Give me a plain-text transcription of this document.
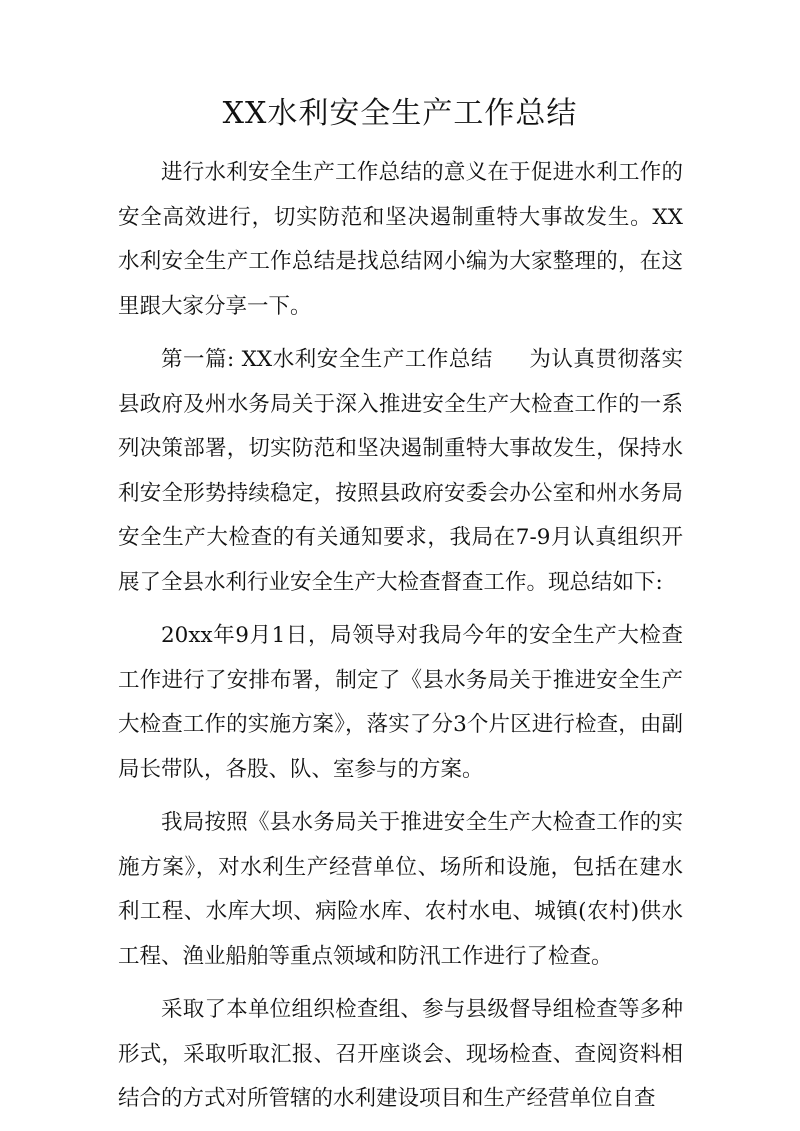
XX水利安全生产工作总结

进行水利安全生产工作总结的意义在于促进水利工作的安全高效进行，切实防范和坚决遏制重特大事故发生。XX水利安全生产工作总结是找总结网小编为大家整理的，在这里跟大家分享一下。

第一篇: XX水利安全生产工作总结 为认真贯彻落实县政府及州水务局关于深入推进安全生产大检查工作的一系列决策部署，切实防范和坚决遏制重特大事故发生，保持水利安全形势持续稳定，按照县政府安委会办公室和州水务局安全生产大检查的有关通知要求，我局在7-9月认真组织开展了全县水利行业安全生产大检查督查工作。现总结如下:

20xx年9月1日，局领导对我局今年的安全生产大检查工作进行了安排布署，制定了《县水务局关于推进安全生产大检查工作的实施方案》，落实了分3个片区进行检查，由副局长带队，各股、队、室参与的方案。

我局按照《县水务局关于推进安全生产大检查工作的实施方案》，对水利生产经营单位、场所和设施，包括在建水利工程、水库大坝、病险水库、农村水电、城镇(农村)供水工程、渔业船舶等重点领域和防汛工作进行了检查。

采取了本单位组织检查组、参与县级督导组检查等多种形式，采取听取汇报、召开座谈会、现场检查、查阅资料相结合的方式对所管辖的水利建设项目和生产经营单位自查
